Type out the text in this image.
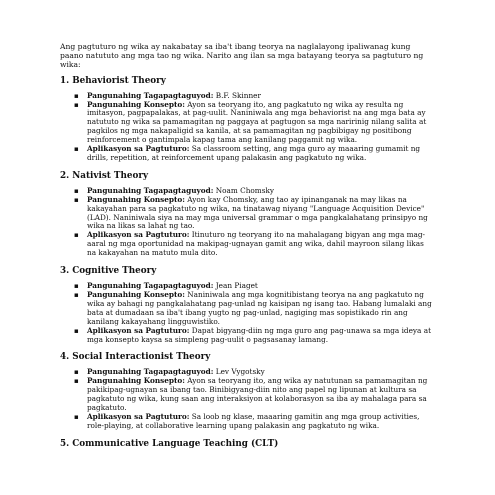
Ang pagtuturo ng wika ay nakabatay sa iba't ibang teorya na naglalayong ipaliwanag kung paano natututo ang mga tao ng wika. Narito ang ilan sa mga batayang teorya sa pagtuturo ng wika:

1. Behaviorist Theory
▪ Pangunahing Tagapagtaguyod: B.F. Skinner
▪ Pangunahing Konsepto: Ayon sa teoryang ito, ang pagkatuto ng wika ay resulta ng imitasyon, pagpapalakas, at pag-uulit. Naniniwala ang mga behaviorist na ang mga bata ay natututo ng wika sa pamamagitan ng paggaya at pagtugon sa mga naririnig nilang salita at pagkilos ng mga nakapaligid sa kanila, at sa pamamagitan ng pagbibigay ng positibong reinforcement o gantimpala kapag tama ang kanilang paggamit ng wika.
▪ Aplikasyon sa Pagtuturo: Sa classroom setting, ang mga guro ay maaaring gumamit ng drills, repetition, at reinforcement upang palakasin ang pagkatuto ng wika.
2. Nativist Theory
▪ Pangunahing Tagapagtaguyod: Noam Chomsky
▪ Pangunahing Konsepto: Ayon kay Chomsky, ang tao ay ipinanganak na may likas na kakayahan para sa pagkatuto ng wika, na tinatawag niyang "Language Acquisition Device" (LAD). Naniniwala siya na may mga universal grammar o mga pangkalahatang prinsipyo ng wika na likas sa lahat ng tao.
▪ Aplikasyon sa Pagtuturo: Itinuturo ng teoryang ito na mahalagang bigyan ang mga mag-aaral ng mga oportunidad na makipag-ugnayan gamit ang wika, dahil mayroon silang likas na kakayahan na matuto mula dito.
3. Cognitive Theory
▪ Pangunahing Tagapagtaguyod: Jean Piaget
▪ Pangunahing Konsepto: Naniniwala ang mga kognitibistang teorya na ang pagkatuto ng wika ay bahagi ng pangkalahatang pag-unlad ng kaisipan ng isang tao. Habang lumalaki ang bata at dumadaan sa iba't ibang yugto ng pag-unlad, nagiging mas sopistikado rin ang kanilang kakayahang lingguwistiko.
▪ Aplikasyon sa Pagtuturo: Dapat bigyang-diin ng mga guro ang pag-unawa sa mga ideya at mga konsepto kaysa sa simpleng pag-uulit o pagsasanay lamang.
4. Social Interactionist Theory
▪ Pangunahing Tagapagtaguyod: Lev Vygotsky
▪ Pangunahing Konsepto: Ayon sa teoryang ito, ang wika ay natutunan sa pamamagitan ng pakikipag-ugnayan sa ibang tao. Binibigyang-diin nito ang papel ng lipunan at kultura sa pagkatuto ng wika, kung saan ang interaksiyon at kolaborasyon sa iba ay mahalaga para sa pagkatuto.
▪ Aplikasyon sa Pagtuturo: Sa loob ng klase, maaaring gamitin ang mga group activities, role-playing, at collaborative learning upang palakasin ang pagkatuto ng wika.
5. Communicative Language Teaching (CLT)
